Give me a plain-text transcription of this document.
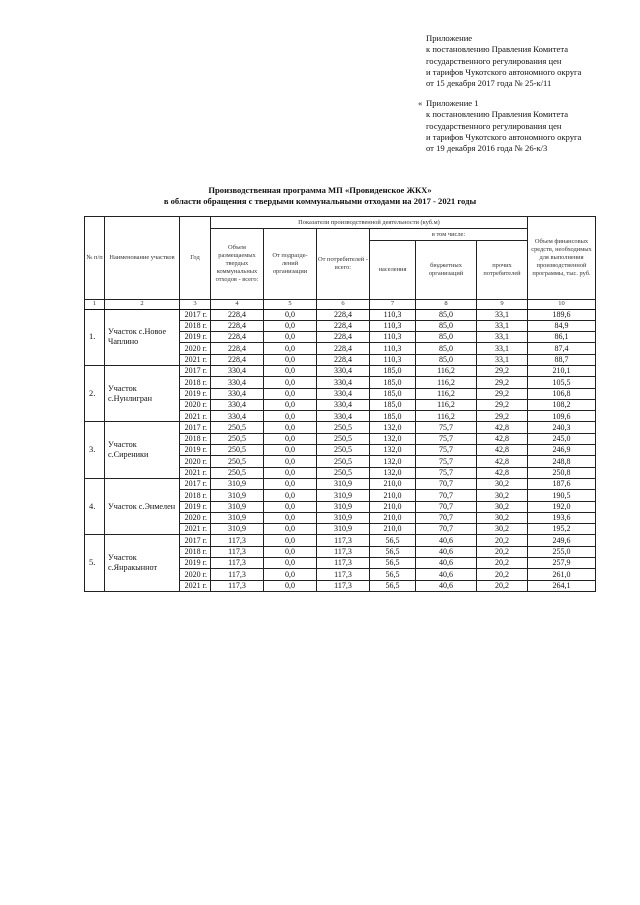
Приложение
к постановлению Правления Комитета
государственного регулирования цен
и тарифов Чукотского автономного округа
от 15 декабря 2017 года № 25-к/11
« Приложение 1
к постановлению Правления Комитета
государственного регулирования цен
и тарифов Чукотского автономного округа
от 19 декабря 2016 года № 26-к/3
Производственная программа МП «Провиденское ЖКХ»
в области обращения с твердыми коммунальными отходами на 2017 - 2021 годы
№ п/п	Наименование участков	Год	Показатели производственной деятельности (куб.м)						Объем финансовых средств, необходимых для выполнения производственной программы, тыс. руб.
			Объем размещаемых твердых коммунальных отходов - всего:	От подразде-лений организации	От потребителей - всего:	в том числе:			
						населения	бюджетных организаций	прочих потребителей	
1	2	3	4	5	6	7	8	9	10
1.	Участок с.Новое Чаплино	2017 г.	228,4	0,0	228,4	110,3	85,0	33,1	189,6
		2018 г.	228,4	0,0	228,4	110,3	85,0	33,1	84,9
		2019 г.	228,4	0,0	228,4	110,3	85,0	33,1	86,1
		2020 г.	228,4	0,0	228,4	110,3	85,0	33,1	87,4
		2021 г.	228,4	0,0	228,4	110,3	85,0	33,1	88,7
2.	Участок с.Нунлигран	2017 г.	330,4	0,0	330,4	185,0	116,2	29,2	210,1
		2018 г.	330,4	0,0	330,4	185,0	116,2	29,2	105,5
		2019 г.	330,4	0,0	330,4	185,0	116,2	29,2	106,8
		2020 г.	330,4	0,0	330,4	185,0	116,2	29,2	108,2
		2021 г.	330,4	0,0	330,4	185,0	116,2	29,2	109,6
3.	Участок с.Сиреники	2017 г.	250,5	0,0	250,5	132,0	75,7	42,8	240,3
		2018 г.	250,5	0,0	250,5	132,0	75,7	42,8	245,0
		2019 г.	250,5	0,0	250,5	132,0	75,7	42,8	246,9
		2020 г.	250,5	0,0	250,5	132,0	75,7	42,8	248,8
		2021 г.	250,5	0,0	250,5	132,0	75,7	42,8	250,8
4.	Участок с.Энмелен	2017 г.	310,9	0,0	310,9	210,0	70,7	30,2	187,6
		2018 г.	310,9	0,0	310,9	210,0	70,7	30,2	190,5
		2019 г.	310,9	0,0	310,9	210,0	70,7	30,2	192,0
		2020 г.	310,9	0,0	310,9	210,0	70,7	30,2	193,6
		2021 г.	310,9	0,0	310,9	210,0	70,7	30,2	195,2
5.	Участок с.Янракыннот	2017 г.	117,3	0,0	117,3	56,5	40,6	20,2	249,6
		2018 г.	117,3	0,0	117,3	56,5	40,6	20,2	255,0
		2019 г.	117,3	0,0	117,3	56,5	40,6	20,2	257,9
		2020 г.	117,3	0,0	117,3	56,5	40,6	20,2	261,0
		2021 г.	117,3	0,0	117,3	56,5	40,6	20,2	264,1
